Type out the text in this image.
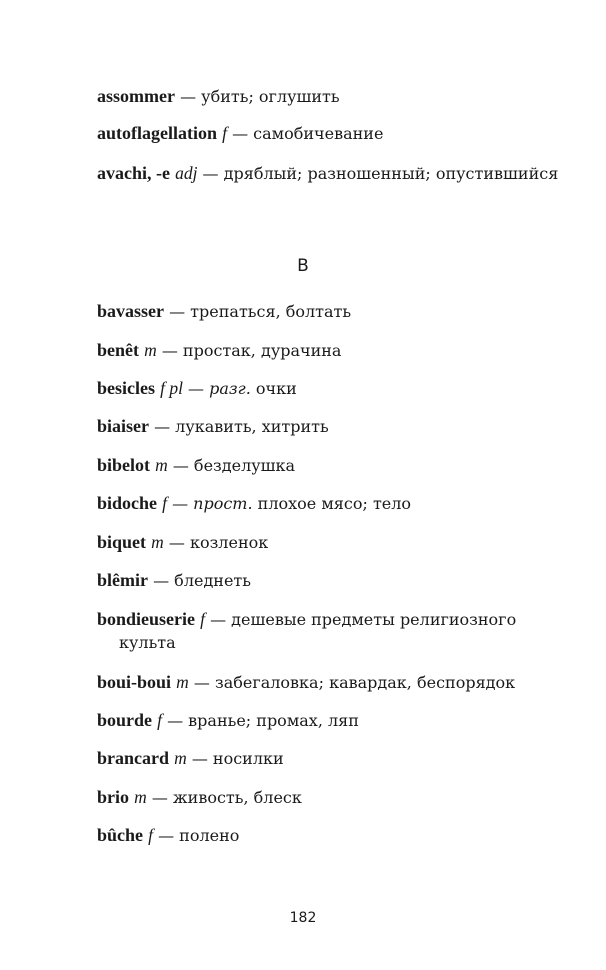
assommer — убить; оглушить
autoflagellation f — самобичевание
avachi, -e adj — дряблый; разношенный; опустившийся
B
bavasser — трепаться, болтать
benêt m — простак, дурачина
besicles f pl — разг. очки
biaiser — лукавить, хитрить
bibelot m — безделушка
bidoche f — прост. плохое мясо; тело
biquet m — козленок
blêmir — бледнеть
bondieuserie f — дешевые предметы религиозного культа
boui-boui m — забегаловка; кавардак, беспорядок
bourde f — вранье; промах, ляп
brancard m — носилки
brio m — живость, блеск
bûche f — полено
182
